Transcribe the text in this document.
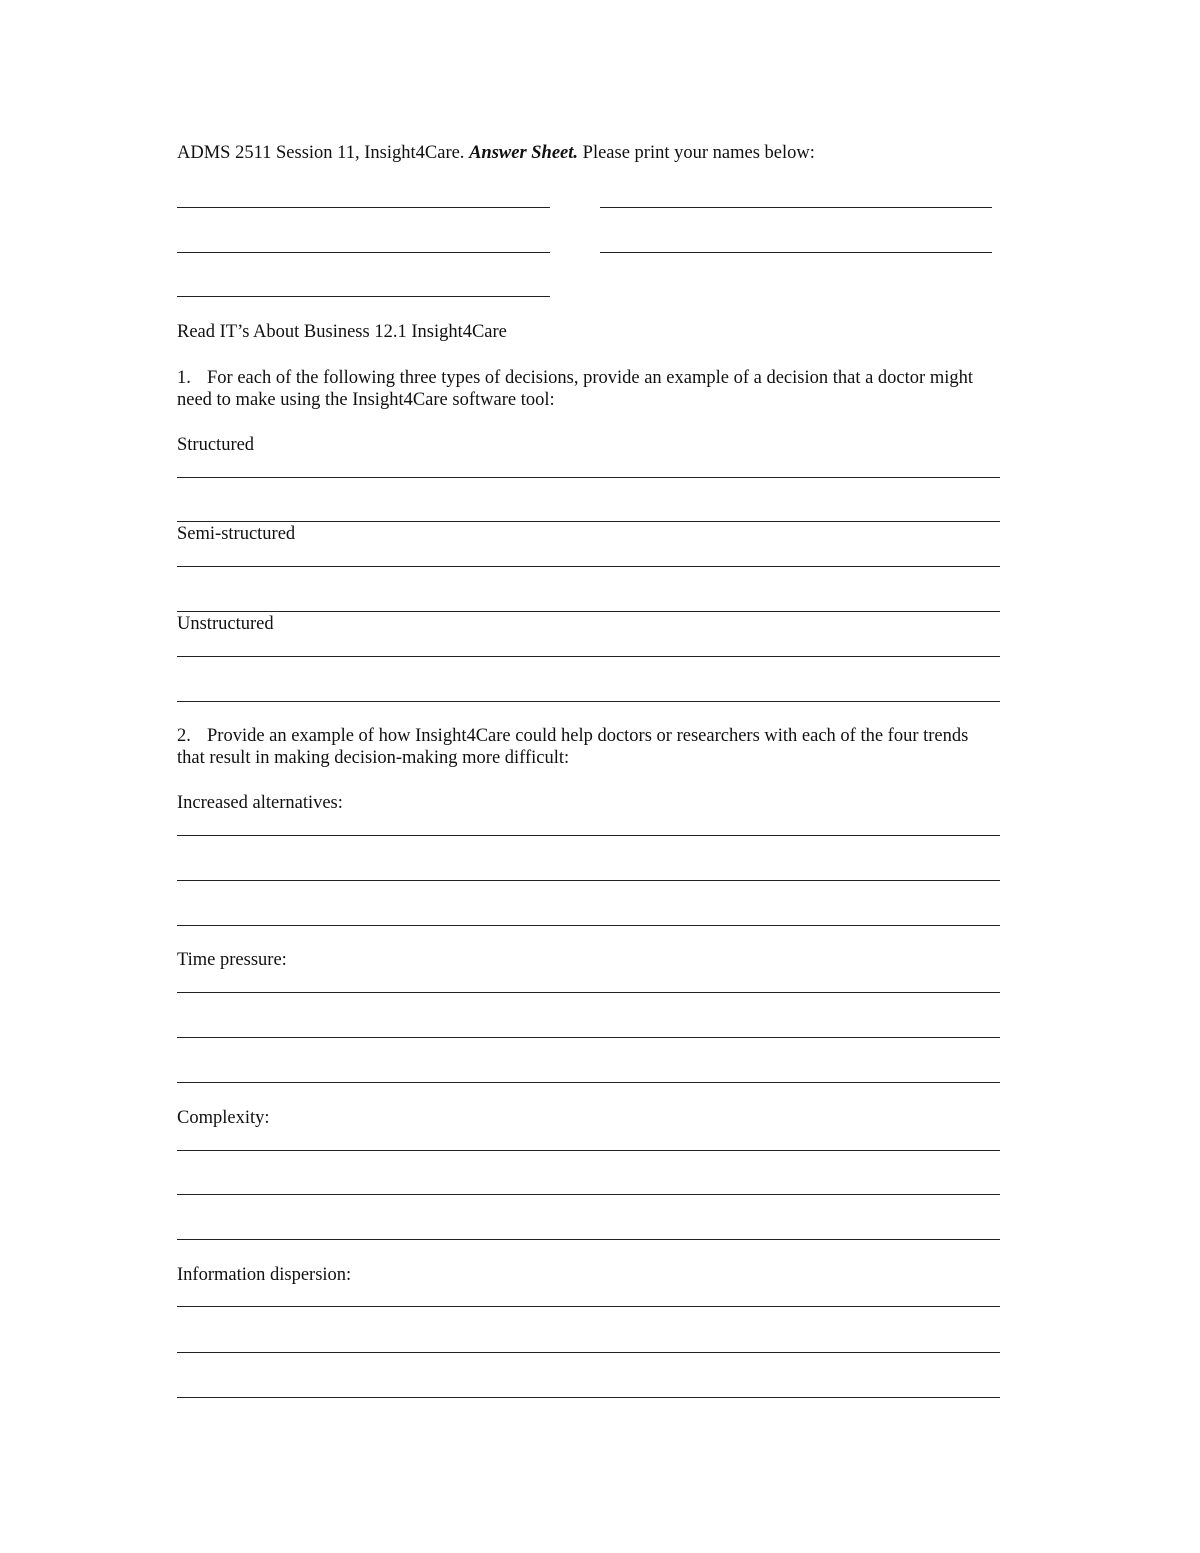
ADMS 2511 Session 11, Insight4Care. Answer Sheet. Please print your names below:
Read IT’s About Business 12.1 Insight4Care
1. For each of the following three types of decisions, provide an example of a decision that a doctor might
need to make using the Insight4Care software tool:
Structured
Semi-structured
Unstructured
2. Provide an example of how Insight4Care could help doctors or researchers with each of the four trends
that result in making decision-making more difficult:
Increased alternatives:
Time pressure:
Complexity:
Information dispersion:
